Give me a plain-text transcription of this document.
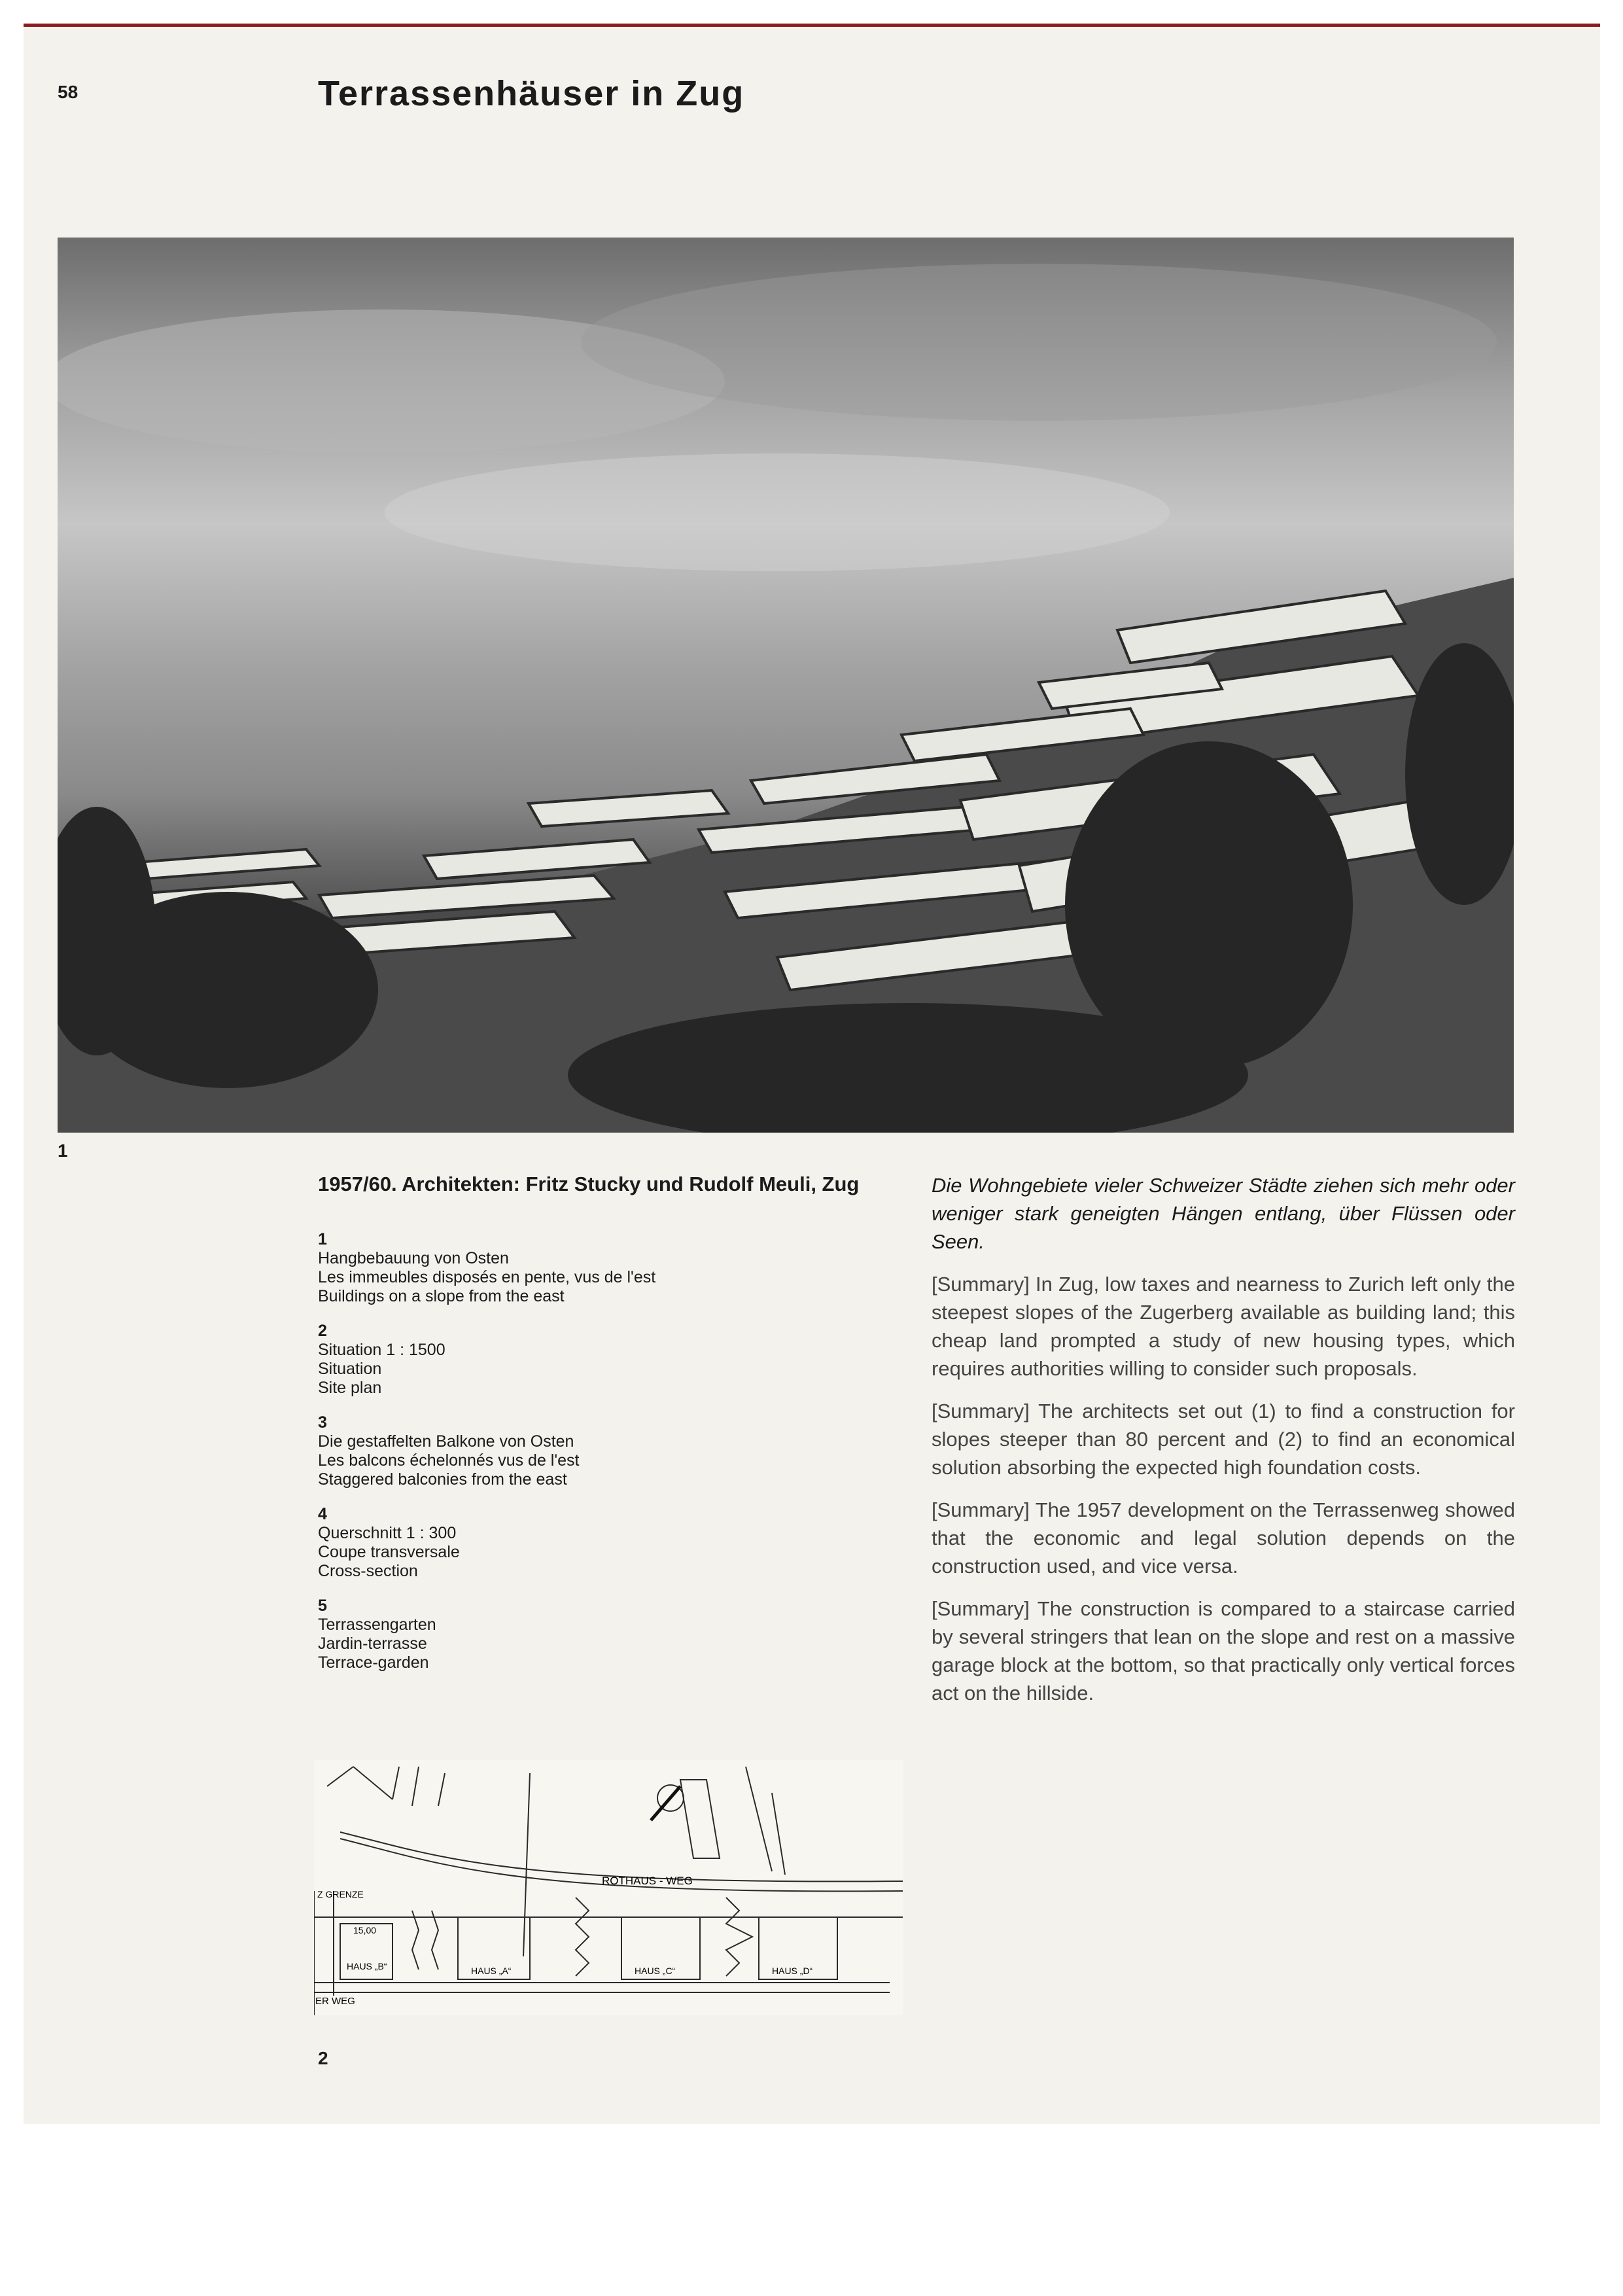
58	Terrassenhäuser in Zug
1

1957/60. Architekten: Fritz Stucky und Rudolf Meuli, Zug

1
Hangbebauung von Osten
Les immeubles disposés en pente, vus de l'est
Buildings on a slope from the east

2
Situation 1 : 1500
Situation
Site plan

3
Die gestaffelten Balkone von Osten
Les balcons échelonnés vus de l'est
Staggered balconies from the east

4
Querschnitt 1 : 300
Coupe transversale
Cross-section

5
Terrassengarten
Jardin-terrasse
Terrace-garden

ROTHAUS - WEG
Z GRENZE
15,00
HAUS „B“	HAUS „A“	HAUS „C“	HAUS „D“
ER WEG
2

Die Wohngebiete vieler Schweizer Städte ziehen sich mehr oder weniger stark geneigten Hängen entlang, über Flüssen oder Seen.

[Summary] In Zug, low taxes and nearness to Zurich left only the steepest slopes of the Zugerberg available as building land; this cheap land prompted a study of new housing types, which requires authorities willing to consider such proposals.

[Summary] The architects set out (1) to find a construction for slopes steeper than 80 percent and (2) to find an economical solution absorbing the expected high foundation costs.

[Summary] The 1957 development on the Terrassenweg showed that the economic and legal solution depends on the construction used, and vice versa.

[Summary] The construction is compared to a staircase carried by several stringers that lean on the slope and rest on a massive garage block at the bottom, so that practically only vertical forces act on the hillside.
